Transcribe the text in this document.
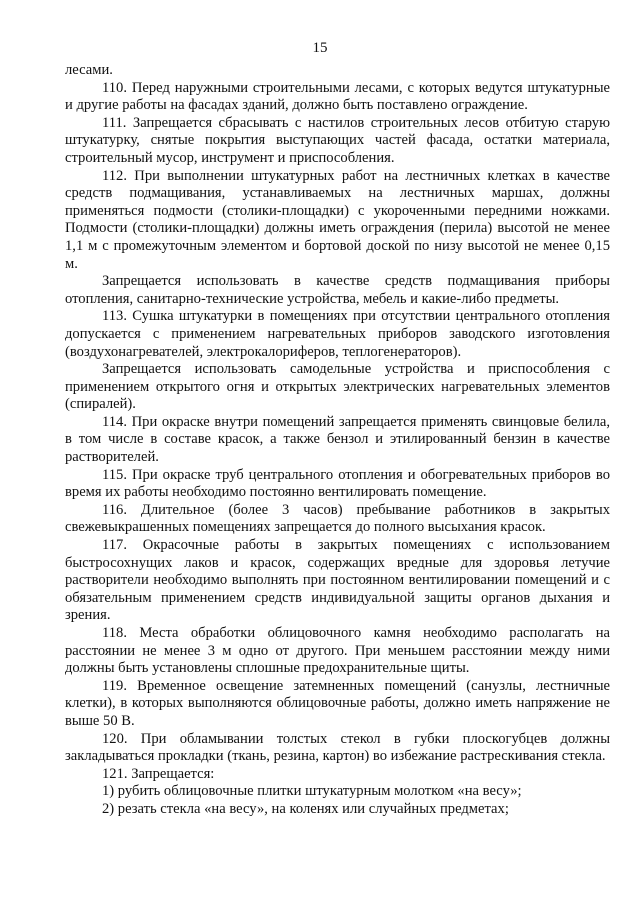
15

лесами.

110. Перед наружными строительными лесами, с которых ведутся штукатурные и другие работы на фасадах зданий, должно быть поставлено ограждение.

111. Запрещается сбрасывать с настилов строительных лесов отбитую старую штукатурку, снятые покрытия выступающих частей фасада, остатки материала, строительный мусор, инструмент и приспособления.

112. При выполнении штукатурных работ на лестничных клетках в качестве средств подмащивания, устанавливаемых на лестничных маршах, должны применяться подмости (столики-площадки) с укороченными передними ножками. Подмости (столики-площадки) должны иметь ограждения (перила) высотой не менее 1,1 м с промежуточным элементом и бортовой доской по низу высотой не менее 0,15 м.

Запрещается использовать в качестве средств подмащивания приборы отопления, санитарно-технические устройства, мебель и какие-либо предметы.

113. Сушка штукатурки в помещениях при отсутствии центрального отопления допускается с применением нагревательных приборов заводского изготовления (воздухонагревателей, электрокалориферов, теплогенераторов).

Запрещается использовать самодельные устройства и приспособления с применением открытого огня и открытых электрических нагревательных элементов (спиралей).

114. При окраске внутри помещений запрещается применять свинцовые белила, в том числе в составе красок, а также бензол и этилированный бензин в качестве растворителей.

115. При окраске труб центрального отопления и обогревательных приборов во время их работы необходимо постоянно вентилировать помещение.

116. Длительное (более 3 часов) пребывание работников в закрытых свежевыкрашенных помещениях запрещается до полного высыхания красок.

117. Окрасочные работы в закрытых помещениях с использованием быстросохнущих лаков и красок, содержащих вредные для здоровья летучие растворители необходимо выполнять при постоянном вентилировании помещений и с обязательным применением средств индивидуальной защиты органов дыхания и зрения.

118. Места обработки облицовочного камня необходимо располагать на расстоянии не менее 3 м одно от другого. При меньшем расстоянии между ними должны быть установлены сплошные предохранительные щиты.

119. Временное освещение затемненных помещений (санузлы, лестничные клетки), в которых выполняются облицовочные работы, должно иметь напряжение не выше 50 В.

120. При обламывании толстых стекол в губки плоскогубцев должны закладываться прокладки (ткань, резина, картон) во избежание растрескивания стекла.

121. Запрещается:

1) рубить облицовочные плитки штукатурным молотком «на весу»;

2) резать стекла «на весу», на коленях или случайных предметах;
